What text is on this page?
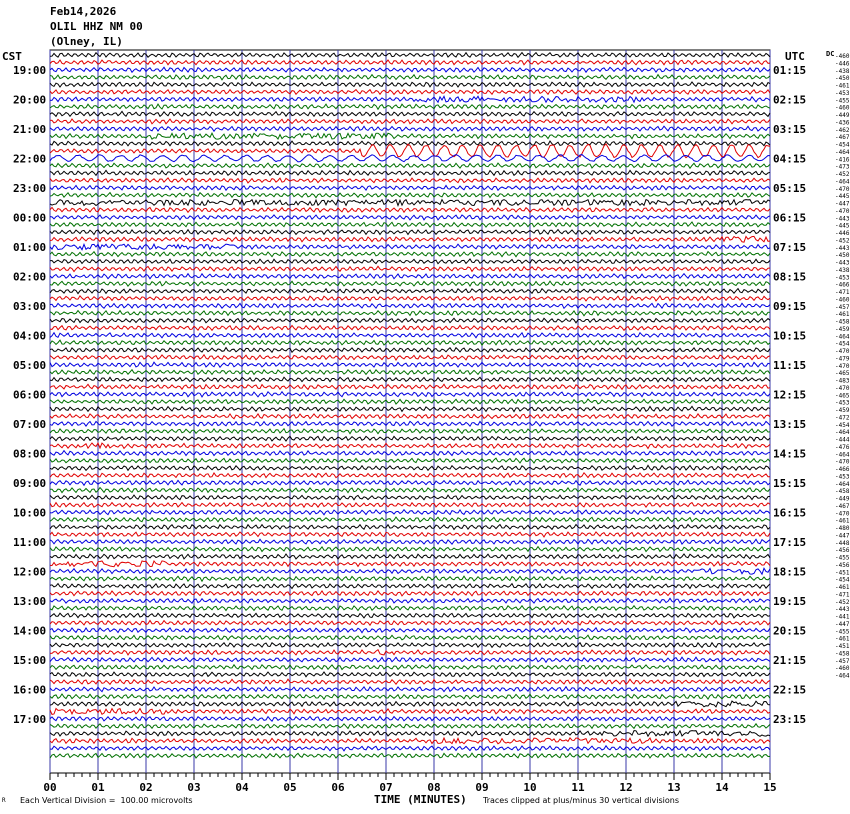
Feb14,2026
OLIL HHZ NM 00
(Olney, IL)
CST	UTC	DC -460
-446
-438
-450
-461
-453
-455
-460
-449
-436
-462
-467
-454
-464
-416
-473
-452
-464
-470
-445
-447
-470
-443
-445
-446
-452
-443
-450
-443
-438
-453
-466
-471
-460
-457
-461
-458
-459
-464
-454
-470
-479
-470
-465
-483
-470
-465
-453
-459
-472
-454
-464
-444
-476
-464
-470
-466
-453
-464
-458
-449
-467
-470
-461
-480
-447
-448
-456
-455
-456
-451
-454
-461
-471
-452
-443
-441
-447
-455
-461
-451
-458
-457
-460
-464
19:00
20:00
21:00
22:00
23:00
00:00
01:00
02:00
03:00
04:00
05:00
06:00
07:00
08:00
09:00
10:00
11:00
12:00
13:00
14:00
15:00
16:00
17:00
01:15
02:15
03:15
04:15
05:15
06:15
07:15
08:15
09:15
10:15
11:15
12:15
13:15
14:15
15:15
16:15
17:15
18:15
19:15
20:15
21:15
22:15
23:15
00	01	02	03	04	05	06	07	08	09	10	11	12	13	14	15
R Each Vertical Division =  100.00 microvolts	TIME (MINUTES) Traces clipped at plus/minus 30 vertical divisions
